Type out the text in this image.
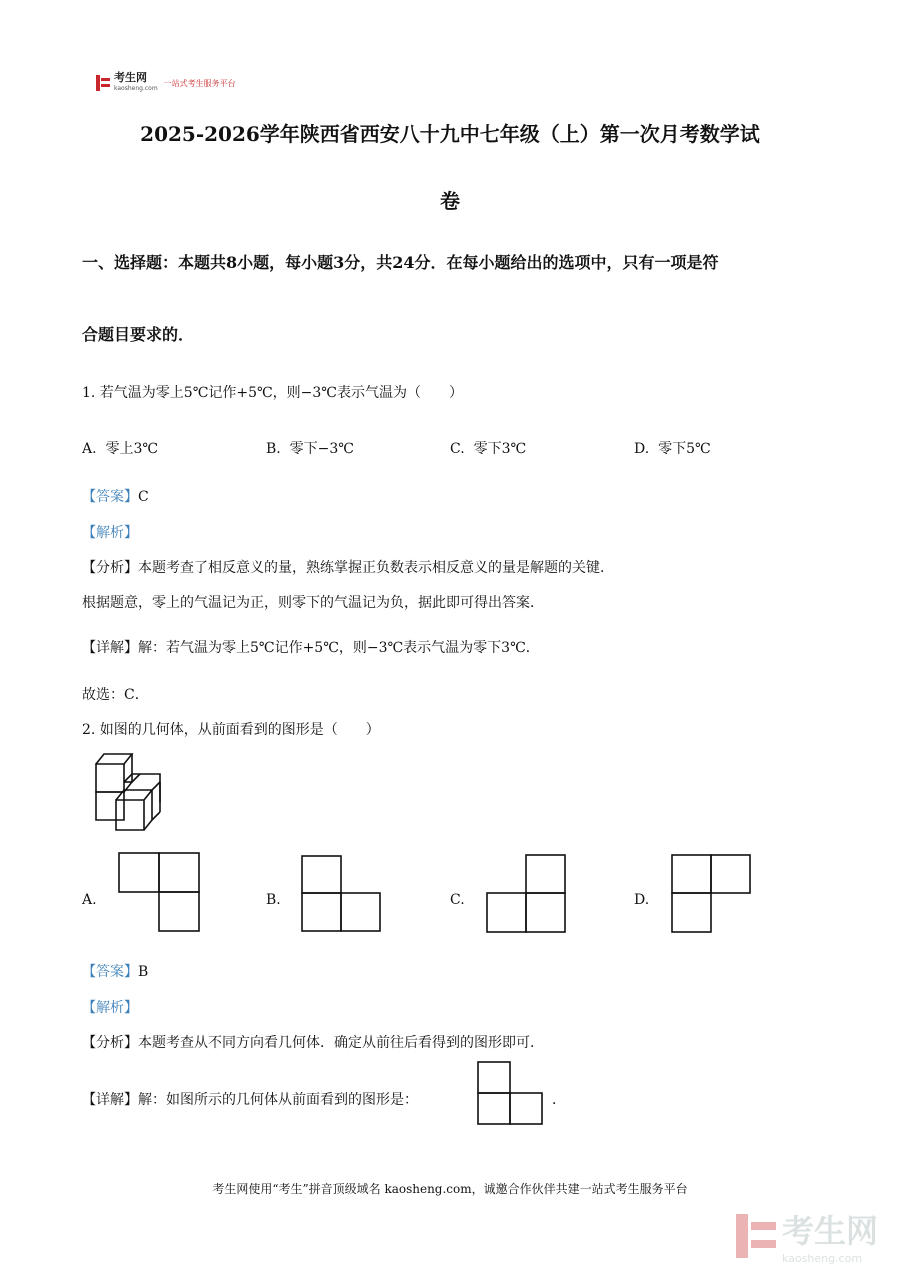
考生网
kaosheng.com
一站式考生服务平台
2025-2026学年陕西省西安八十九中七年级（上）第一次月考数学试
卷
一、选择题：本题共8小题，每小题3分，共24分．在每小题给出的选项中，只有一项是符
合题目要求的．
1. 若气温为零上5℃记作+5℃，则−3℃表示气温为（　　）
A. 零上3℃	B. 零下−3℃	C. 零下3℃	D. 零下5℃
【答案】C
【解析】
【分析】本题考查了相反意义的量，熟练掌握正负数表示相反意义的量是解题的关键．
根据题意，零上的气温记为正，则零下的气温记为负，据此即可得出答案．
【详解】解：若气温为零上5℃记作+5℃，则−3℃表示气温为零下3℃．
故选：C．
2. 如图的几何体，从前面看到的图形是（　　）
A.	B.	C.	D.
【答案】B
【解析】
【分析】本题考查从不同方向看几何体．确定从前往后看得到的图形即可．
【详解】解：如图所示的几何体从前面看到的图形是：	．
考生网使用“考生”拼音顶级域名 kaosheng.com，诚邀合作伙伴共建一站式考生服务平台
考生网
kaosheng.com
